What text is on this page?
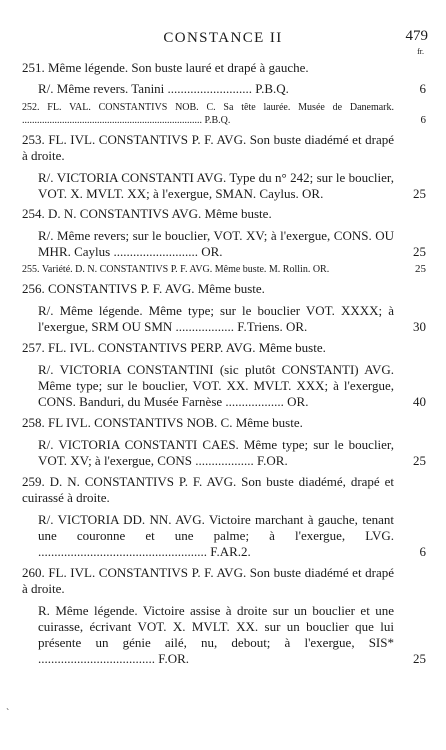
CONSTANCE II	479
fr.
251. Même légende. Son buste lauré et drapé à gauche.
R/. Même revers. Tanini .......................... P.B.Q.	6
252. FL. VAL. CONSTANTIVS NOB. C. Sa tête laurée. Musée de Danemark. ........................................................................ P.B.Q.	6
253. FL. IVL. CONSTANTIVS P. F. AVG. Son buste diadémé et drapé à droite.
R/. VICTORIA CONSTANTI AVG. Type du n° 242; sur le bouclier, VOT. X. MVLT. XX; à l'exergue, SMAN. Caylus. OR.	25
254. D. N. CONSTANTIVS AVG. Même buste.
R/. Même revers; sur le bouclier, VOT. XV; à l'exergue, CONS. OU MHR. Caylus .......................... OR.	25
255. Variété. D. N. CONSTANTIVS P. F. AVG. Même buste. M. Rollin. OR.	25
256. CONSTANTIVS P. F. AVG. Même buste.
R/. Même légende. Même type; sur le bouclier VOT. XXXX; à l'exergue, SRM OU SMN .................. F.Triens. OR.	30
257. FL. IVL. CONSTANTIVS PERP. AVG. Même buste.
R/. VICTORIA CONSTANTINI (sic plutôt CONSTANTI) AVG. Même type; sur le bouclier, VOT. XX. MVLT. XXX; à l'exergue, CONS. Banduri, du Musée Farnèse .................. OR.	40
258. FL IVL. CONSTANTIVS NOB. C. Même buste.
R/. VICTORIA CONSTANTI CAES. Même type; sur le bouclier, VOT. XV; à l'exergue, CONS .................. F.OR.	25
259. D. N. CONSTANTIVS P. F. AVG. Son buste diadémé, drapé et cuirassé à droite.
R/. VICTORIA DD. NN. AVG. Victoire marchant à gauche, tenant une couronne et une palme; à l'exergue, LVG. .................................................... F.AR.2.	6
260. FL. IVL. CONSTANTIVS P. F. AVG. Son buste diadémé et drapé à droite.
R. Même légende. Victoire assise à droite sur un bouclier et une cuirasse, écrivant VOT. X. MVLT. XX. sur un bouclier que lui présente un génie ailé, nu, debout; à l'exergue, SIS* .................................... F.OR.	25
`
